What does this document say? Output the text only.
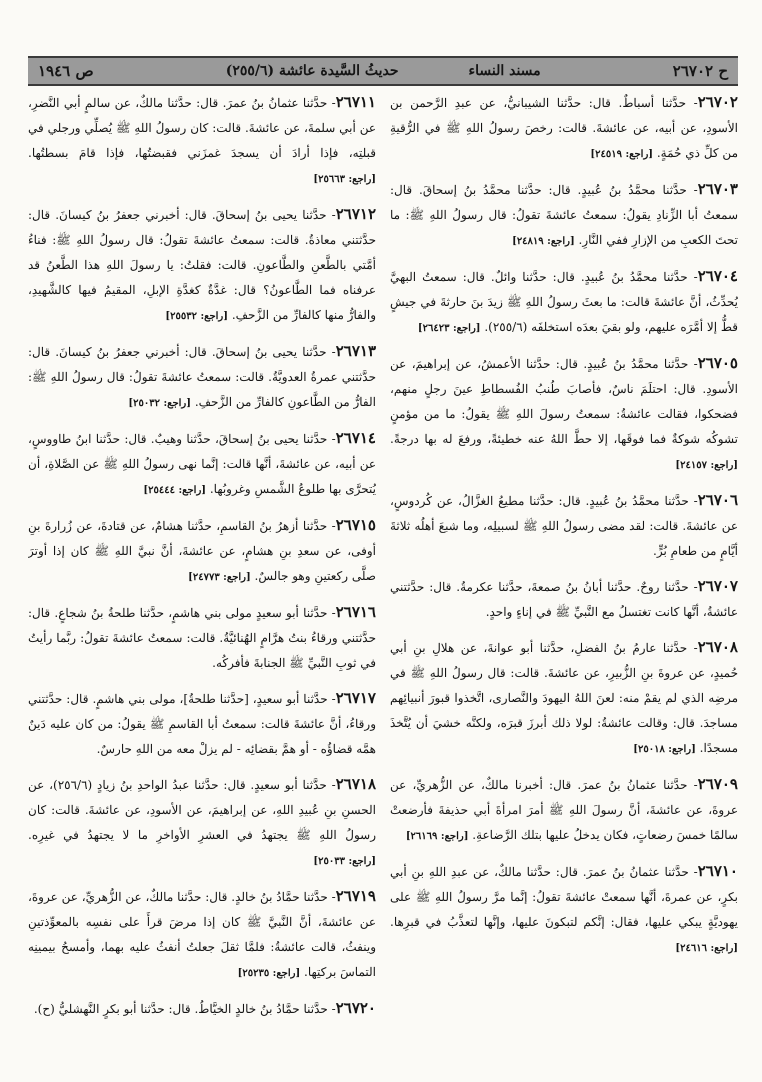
ح ٢٦٧٠٢
مسند النساء
حديثُ السَّيدة عائشة (٢٥٥/٦)
ص ١٩٤٦
٢٦٧٠٢- حدَّثنا أسباطٌ. قال: حدَّثنا الشيبانيُّ، عن عبدِ الرَّحمن بن الأسودِ، عن أبيه، عن عائشةَ. قالت: رخصَ رسولُ اللهِ ﷺ في الرُّقيةِ من كلِّ ذي حُمَةٍ. [راجع: ٢٤٥١٩]
٢٦٧٠٣- حدَّثنا محمَّدُ بنُ عُبيدٍ. قال: حدَّثنا محمَّدُ بنُ إسحاقَ. قال: سمعتُ أبا الزِّنادِ يقولُ: سمعتُ عائشةَ تقولُ: قال رسولُ اللهِ ﷺ: ما تحتَ الكعبِ من الإزارِ ففي النَّارِ. [راجع: ٢٤٨١٩]
٢٦٧٠٤- حدَّثنا محمَّدُ بنُ عُبيدٍ. قال: حدَّثنا وائلٌ. قال: سمعتُ البهيَّ يُحدِّثُ، أنَّ عائشةَ قالت: ما بعثَ رسولُ اللهِ ﷺ زيدَ بنَ حارثةَ في جيشٍ قطُّ إلا أمَّرَه عليهم، ولو بقيَ بعدَه استخلفَه (٢٥٥/٦). [راجع: ٢٦٤٢٣]
٢٦٧٠٥- حدَّثنا محمَّدُ بنُ عُبيدٍ. قال: حدَّثنا الأعمشُ، عن إبراهيمَ، عن الأسودِ. قال: احتلَمَ ناسٌ، فأصابَ طُنبُ الفُسطاطِ عينَ رجلٍ منهم، فضحكوا، فقالت عائشةُ: سمعتُ رسولَ اللهِ ﷺ يقولُ: ما من مؤمنٍ تشوكُه شوكةٌ فما فوقَها، إلا حطَّ اللهُ عنه خطيئةً، ورفعَ له بها درجةً. [راجع: ٢٤١٥٧]
٢٦٧٠٦- حدَّثنا محمَّدُ بنُ عُبيدٍ. قال: حدَّثنا مطيعُ الغزَّالُ، عن كُردوسٍ، عن عائشةَ. قالت: لقد مضى رسولُ اللهِ ﷺ لسبيلِه، وما شبعَ أهلُه ثلاثةَ أيَّامٍ من طعامِ بُرٍّ.
٢٦٧٠٧- حدَّثنا روحٌ. حدَّثنا أبانُ بنُ صمعةَ، حدَّثنا عكرمةُ. قال: حدَّثتني عائشةُ، أنَّها كانت تغتسلُ مع النَّبيِّ ﷺ في إناءٍ واحدٍ.
٢٦٧٠٨- حدَّثنا عارمُ بنُ الفضلِ، حدَّثنا أبو عوانةَ، عن هلالِ بنِ أبي حُميدٍ، عن عروةَ بنِ الزُّبيرِ، عن عائشةَ. قالت: قال رسولُ اللهِ ﷺ في مرضِه الذي لم يقمْ منه: لعنَ اللهُ اليهودَ والنَّصارى، اتَّخذوا قبورَ أنبيائِهم مساجدَ. قال: وقالت عائشةُ: لولا ذلك أبرزَ قبرَه، ولكنَّه خشيَ أن يُتَّخذَ مسجدًا. [راجع: ٢٥٠١٨]
٢٦٧٠٩- حدَّثنا عثمانُ بنُ عمرَ. قال: أخبرنا مالكٌ، عن الزُّهريِّ، عن عروةَ، عن عائشةَ، أنَّ رسولَ اللهِ ﷺ أمرَ امرأةَ أبي حذيفةَ فأرضعتْ سالمًا خمسَ رضعاتٍ، فكان يدخلُ عليها بتلك الرَّضاعةِ. [راجع: ٢٦١٦٩]
٢٦٧١٠- حدَّثنا عثمانُ بنُ عمرَ. قال: حدَّثنا مالكٌ، عن عبدِ اللهِ بنِ أبي بكرٍ، عن عمرةَ، أنَّها سمعتْ عائشةَ تقولُ: إنَّما مرَّ رسولُ اللهِ ﷺ على يهوديَّةٍ يبكي عليها، فقال: إنَّكم لتبكونَ عليها، وإنَّها لتعذَّبُ في قبرِها. [راجع: ٢٤٦١٦]
٢٦٧١١- حدَّثنا عثمانُ بنُ عمرَ. قال: حدَّثنا مالكٌ، عن سالمٍ أبي النَّضرِ، عن أبي سلمةَ، عن عائشةَ. قالت: كان رسولُ اللهِ ﷺ يُصلِّي ورجلي في قبلتِه، فإذا أرادَ أن يسجدَ غمزَني فقبضتُها، فإذا قامَ بسطتُها. [راجع: ٢٥٦٦٣]
٢٦٧١٢- حدَّثنا يحيى بنُ إسحاقَ. قال: أخبرني جعفرُ بنُ كيسانَ. قال: حدَّثتني معاذةُ. قالت: سمعتُ عائشةَ تقولُ: قال رسولُ اللهِ ﷺ: فناءُ أمَّتي بالطَّعنِ والطَّاعونِ. قالت: فقلتُ: يا رسولَ اللهِ هذا الطَّعنُ قد عرفناه فما الطَّاعونُ؟ قال: غدَّةٌ كغدَّةِ الإبلِ، المقيمُ فيها كالشَّهيدِ، والفارُّ منها كالفارِّ من الزَّحفِ. [راجع: ٢٥٥٣٢]
٢٦٧١٣- حدَّثنا يحيى بنُ إسحاقَ. قال: أخبرني جعفرُ بنُ كيسانَ. قال: حدَّثتني عمرةُ العدويَّةُ. قالت: سمعتُ عائشةَ تقولُ: قال رسولُ اللهِ ﷺ: الفارُّ من الطَّاعونِ كالفارِّ من الزَّحفِ. [راجع: ٢٥٠٣٢]
٢٦٧١٤- حدَّثنا يحيى بنُ إسحاقَ، حدَّثنا وهيبٌ. قال: حدَّثنا ابنُ طاووسٍ، عن أبيه، عن عائشةَ، أنَّها قالت: إنَّما نهى رسولُ اللهِ ﷺ عن الصَّلاةِ، أن يُتحرَّى بها طلوعُ الشَّمسِ وغروبُها. [راجع: ٢٥٤٤٤]
٢٦٧١٥- حدَّثنا أزهرُ بنُ القاسمِ، حدَّثنا هشامٌ، عن قتادةَ، عن زُرارةَ بنِ أوفى، عن سعدِ بنِ هشامٍ، عن عائشةَ، أنَّ نبيَّ اللهِ ﷺ كان إذا أوترَ صلَّى ركعتينِ وهو جالسٌ. [راجع: ٢٤٧٧٣]
٢٦٧١٦- حدَّثنا أبو سعيدٍ مولى بني هاشمٍ، حدَّثنا طلحةُ بنُ شجاعٍ. قال: حدَّثتني ورقاءُ بنتُ هرَّامٍ الهُنائيَّةُ. قالت: سمعتُ عائشةَ تقولُ: ربَّما رأيتُ في ثوبِ النَّبيِّ ﷺ الجنابةَ فأفركُه.
٢٦٧١٧- حدَّثنا أبو سعيدٍ، [حدَّثنا طلحةُ]، مولى بني هاشمٍ. قال: حدَّثتني ورقاءُ، أنَّ عائشةَ قالت: سمعتُ أبا القاسمِ ﷺ يقولُ: من كان عليه دَينٌ همَّه قضاؤُه - أو همَّ بقضائِه - لم يزلْ معه من اللهِ حارسٌ.
٢٦٧١٨- حدَّثنا أبو سعيدٍ. قال: حدَّثنا عبدُ الواحدِ بنُ زيادٍ (٢٥٦/٦)، عن الحسنِ بنِ عُبيدِ اللهِ، عن إبراهيمَ، عن الأسودِ، عن عائشةَ. قالت: كان رسولُ اللهِ ﷺ يجتهدُ في العشرِ الأواخرِ ما لا يجتهدُ في غيرِه. [راجع: ٢٥٠٣٣]
٢٦٧١٩- حدَّثنا حمَّادُ بنُ خالدٍ. قال: حدَّثنا مالكٌ، عن الزُّهريِّ، عن عروةَ، عن عائشةَ، أنَّ النَّبيَّ ﷺ كان إذا مرضَ قرأَ على نفسِه بالمعوِّذتينِ وينفثُ، قالت عائشةُ: فلمَّا ثقلَ جعلتُ أنفثُ عليه بهما، وأمسحُ بيمينِه التماسَ بركتِها. [راجع: ٢٥٢٣٥]
٢٦٧٢٠- حدَّثنا حمَّادُ بنُ خالدٍ الخيَّاطُ. قال: حدَّثنا أبو بكرٍ النَّهشليُّ (ح).
